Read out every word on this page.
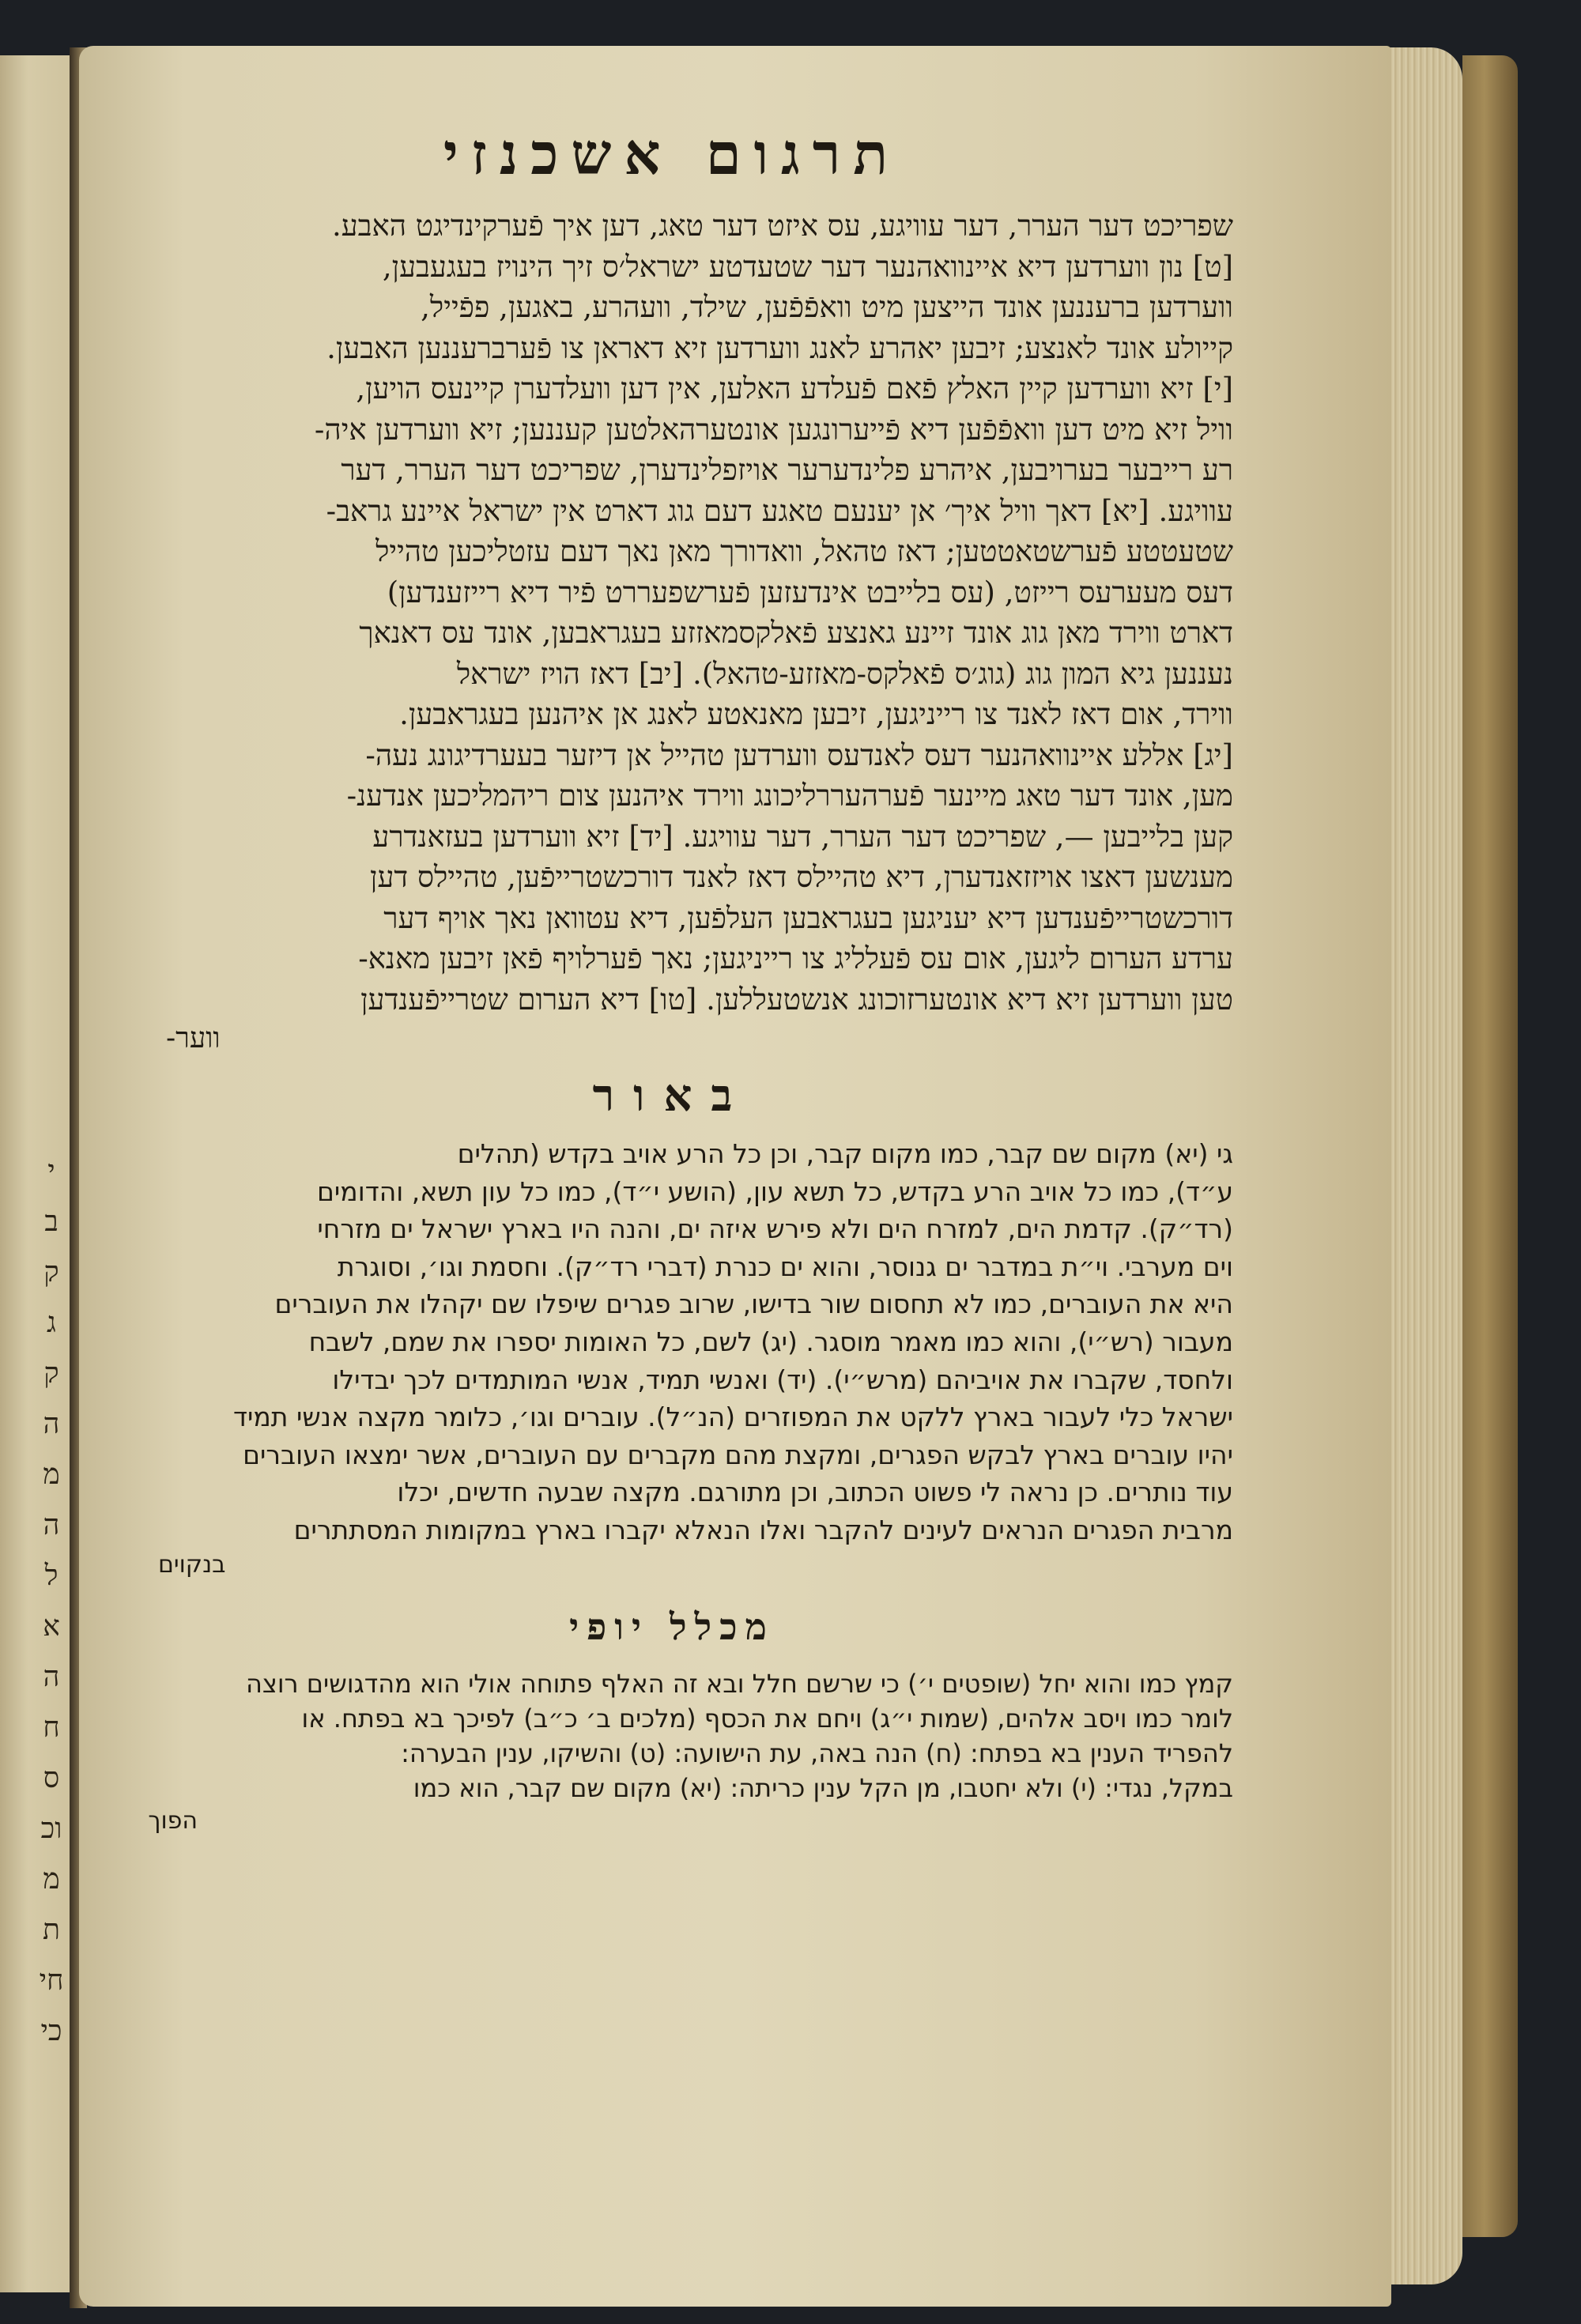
י
ב
ק
ג
ק
ה
מ
ה
ל
א
ה
ח
ס
וכ
מ
ת
חי
כי
תרגום אשכנזי
שפריכט דער הערר, דער עוויגע, עס איזט דער טאג, דען איך פֿערקינדיגט האבע.
[ט] נון ווערדען דיא איינוואהנער דער שטעדטע ישראל׳ס זיך הינויז בעגעבען,
ווערדען ברעננען אונד הייצען מיט וואפֿפֿען, שילד, וועהרע, באגען, פפֿייל,
קייולע אונד לאנצע; זיבען יאהרע לאנג ווערדען זיא דאראן צו פֿערברעננען האבען.
[י] זיא ווערדען קיין האלץ פֿאם פֿעלדע האלען, אין דען וועלדערן קיינעס הויען,
וויל זיא מיט דען וואפֿפֿען דיא פֿייערונגען אונטערהאלטען קעננען; זיא ווערדען איה-
רע רייבער בערויבען, איהרע פלינדערער אויזפלינדערן, שפריכט דער הערר, דער
עוויגע. [יא] דאך וויל איך׳ אן יענעם טאגע דעם גוג דארט אין ישראל איינע גראב-
שטעטטע פֿערשטאטטען; דאז טהאל, וואדורך מאן נאך דעם עזטליכען טהייל
דעס מעערעס רייזט, (עס בלייבט אינדעזען פֿערשפעררט פֿיר דיא רייזענדען)
דארט ווירד מאן גוג אונד זיינע גאנצע פֿאלקסמאזזע בעגראבען, אונד עס דאנאך
נעננען גיא המון גוג (גוג׳ס פֿאלקס-מאזזע-טהאל). [יב] דאז הויז ישראל
ווירד, אום דאז לאנד צו רייניגען, זיבען מאנאטע לאנג אן איהנען בעגראבען.
[יג] אללע איינוואהנער דעס לאנדעס ווערדען טהייל אן דיזער בעערדיגונג נעה-
מען, אונד דער טאג מיינער פֿערהעררליכונג ווירד איהנען צום ריהמליכען אנדענ-
קען בלייבען —, שפריכט דער הערר, דער עוויגע. [יד] זיא ווערדען בעזאנדרע
מענשען דאצו אויזזאנדערן, דיא טהיילס דאז לאנד דורכשטרייפֿען, טהיילס דען
דורכשטרייפֿענדען דיא יעניגען בעגראבען העלפֿען, דיא עטוואן נאך אויף דער
ערדע הערום ליגען, אום עס פֿעלליג צו רייניגען; נאך פֿערלויף פֿאן זיבען מאנא-
טען ווערדען זיא דיא אונטערזוכונג אנשטעללען. [טו] דיא הערום שטרייפֿענדען
ווער-
באור
גי (יא) מקום שם קבר, כמו מקום קבר, וכן כל הרע אויב בקדש (תהלים
ע״ד), כמו כל אויב הרע בקדש, כל תשא עון, (הושע י״ד), כמו כל עון תשא, והדומים
(רד״ק). קדמת הים, למזרח הים ולא פירש איזה ים, והנה היו בארץ ישראל ים מזרחי
וים מערבי. וי״ת במדבר ים גנוסר, והוא ים כנרת (דברי רד״ק). וחסמת וגו׳, וסוגרת
היא את העוברים, כמו לא תחסום שור בדישו, שרוב פגרים שיפלו שם יקהלו את העוברים
מעבור (רש״י), והוא כמו מאמר מוסגר. (יג) לשם, כל האומות יספרו את שמם, לשבח
ולחסד, שקברו את אויביהם (מרש״י). (יד) ואנשי תמיד, אנשי המותמדים לכך יבדילו
ישראל כלי לעבור בארץ ללקט את המפוזרים (הנ״ל). עוברים וגו׳, כלומר מקצה אנשי תמיד
יהיו עוברים בארץ לבקש הפגרים, ומקצת מהם מקברים עם העוברים, אשר ימצאו העוברים
עוד נותרים. כן נראה לי פשוט הכתוב, וכן מתורגם. מקצה שבעה חדשים, יכלו
מרבית הפגרים הנראים לעינים להקבר ואלו הנאלא יקברו בארץ במקומות המסתתרים
בנקוים
מכלל יופי
קמץ כמו והוא יחל (שופטים י׳) כי שרשם חלל ובא זה האלף פתוחה אולי הוא מהדגושים רוצה
לומר כמו ויסב אלהים, (שמות י״ג) ויחם את הכסף (מלכים ב׳ כ״ב) לפיכך בא בפתח. או
להפריד הענין בא בפתח: (ח) הנה באה, עת הישועה: (ט) והשיקו, ענין הבערה:
במקל, נגדי: (י) ולא יחטבו, מן הקל ענין כריתה: (יא) מקום שם קבר, הוא כמו
הפוך
